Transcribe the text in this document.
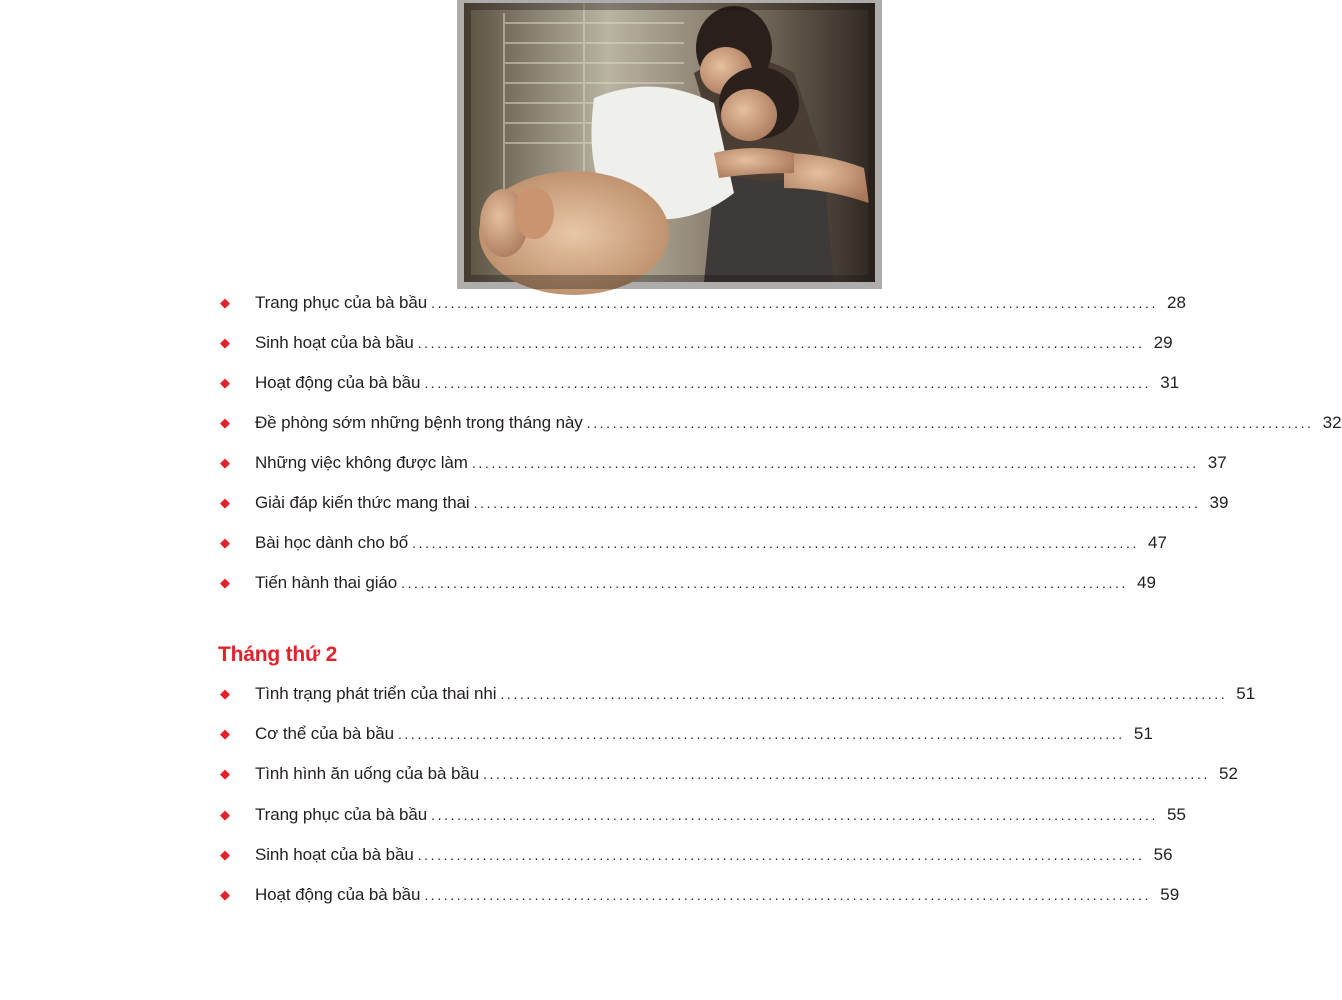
◆	Trang phục của bà bầu ................................................................................................................ 28
◆	Sinh hoạt của bà bầu ................................................................................................................ 29
◆	Hoạt động của bà bầu ................................................................................................................ 31
◆	Đề phòng sớm những bệnh trong tháng này ................................................................................................................ 32
◆	Những việc không được làm ................................................................................................................ 37
◆	Giải đáp kiến thức mang thai ................................................................................................................ 39
◆	Bài học dành cho bố ................................................................................................................ 47
◆	Tiến hành thai giáo ................................................................................................................ 49
Tháng thứ 2
◆	Tình trạng phát triển của thai nhi ................................................................................................................ 51
◆	Cơ thể của bà bầu ................................................................................................................ 51
◆	Tình hình ăn uống của bà bầu ................................................................................................................ 52
◆	Trang phục của bà bầu ................................................................................................................ 55
◆	Sinh hoạt của bà bầu ................................................................................................................ 56
◆	Hoạt động của bà bầu ................................................................................................................ 59
